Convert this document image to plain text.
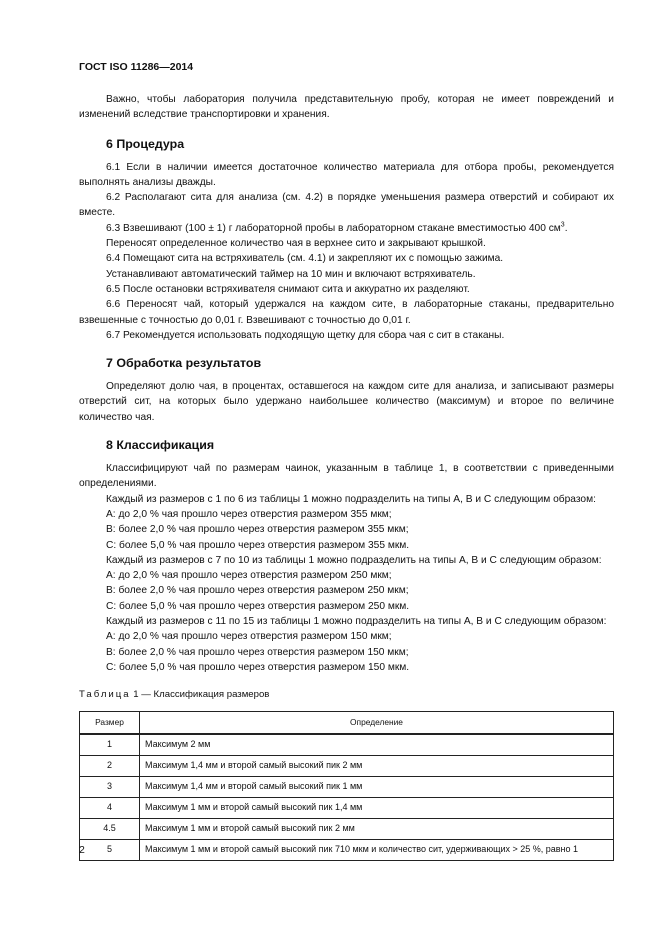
ГОСТ ISO 11286—2014

Важно, чтобы лаборатория получила представительную пробу, которая не имеет повреждений и изменений вследствие транспортировки и хранения.

6 Процедура

6.1 Если в наличии имеется достаточное количество материала для отбора пробы, рекомендуется выполнять анализы дважды.

6.2 Располагают сита для анализа (см. 4.2) в порядке уменьшения размера отверстий и собирают их вместе.

6.3 Взвешивают (100 ± 1) г лабораторной пробы в лабораторном стакане вместимостью 400 $см^3$.

Переносят определенное количество чая в верхнее сито и закрывают крышкой.

6.4 Помещают сита на встряхиватель (см. 4.1) и закрепляют их с помощью зажима.

Устанавливают автоматический таймер на 10 мин и включают встряхиватель.

6.5 После остановки встряхивателя снимают сита и аккуратно их разделяют.

6.6 Переносят чай, который удержался на каждом сите, в лабораторные стаканы, предварительно взвешенные с точностью до 0,01 г. Взвешивают с точностью до 0,01 г.

6.7 Рекомендуется использовать подходящую щетку для сбора чая с сит в стаканы.

7 Обработка результатов

Определяют долю чая, в процентах, оставшегося на каждом сите для анализа, и записывают размеры отверстий сит, на которых было удержано наибольшее количество (максимум) и второе по величине количество чая.

8 Классификация

Классифицируют чай по размерам чаинок, указанным в таблице 1, в соответствии с приведенными определениями.

Каждый из размеров с 1 по 6 из таблицы 1 можно подразделить на типы А, В и С следующим образом:

А: до 2,0 % чая прошло через отверстия размером 355 мкм;

В: более 2,0 % чая прошло через отверстия размером 355 мкм;

С: более 5,0 % чая прошло через отверстия размером 355 мкм.

Каждый из размеров с 7 по 10 из таблицы 1 можно подразделить на типы А, В и С следующим образом:

А: до 2,0 % чая прошло через отверстия размером 250 мкм;

В: более 2,0 % чая прошло через отверстия размером 250 мкм;

С: более 5,0 % чая прошло через отверстия размером 250 мкм.

Каждый из размеров с 11 по 15 из таблицы 1 можно подразделить на типы А, В и С следующим образом:

А: до 2,0 % чая прошло через отверстия размером 150 мкм;

В: более 2,0 % чая прошло через отверстия размером 150 мкм;

С: более 5,0 % чая прошло через отверстия размером 150 мкм.

Таблица 1 — Классификация размеров
Размер	Определение
1	Максимум 2 мм
2	Максимум 1,4 мм и второй самый высокий пик 2 мм
3	Максимум 1,4 мм и второй самый высокий пик 1 мм
4	Максимум 1 мм и второй самый высокий пик 1,4 мм
4.5	Максимум 1 мм и второй самый высокий пик 2 мм
5	Максимум 1 мм и второй самый высокий пик 710 мкм и количество сит, удерживающих > 25 %, равно 1
2
